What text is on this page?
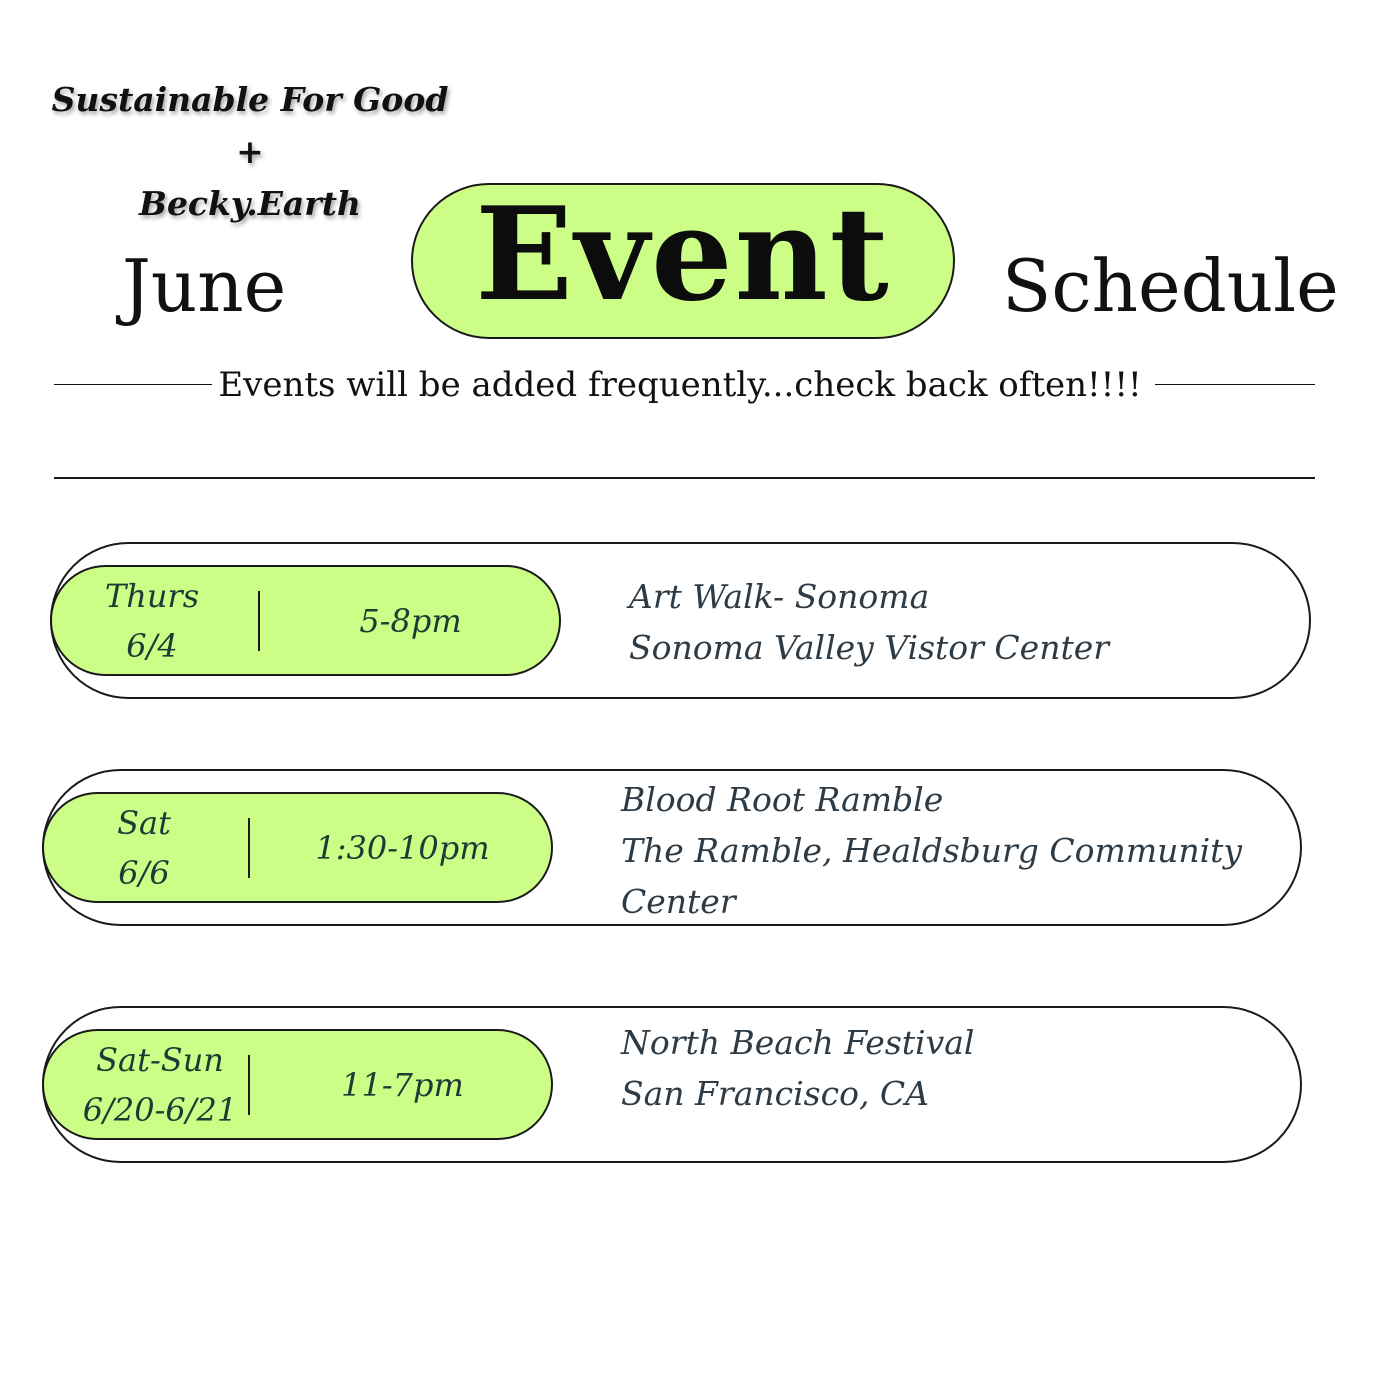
Sustainable For Good +
Becky.Earth
June Event Schedule
Events will be added frequently...check back often!!!!
Thurs
6/4
5-8pm
Art Walk- Sonoma
Sonoma Valley Vistor Center
Sat
6/6
1:30-10pm
Blood Root Ramble
The Ramble, Healdsburg Community
Center
Sat-Sun
6/20-6/21
11-7pm
North Beach Festival
San Francisco, CA
